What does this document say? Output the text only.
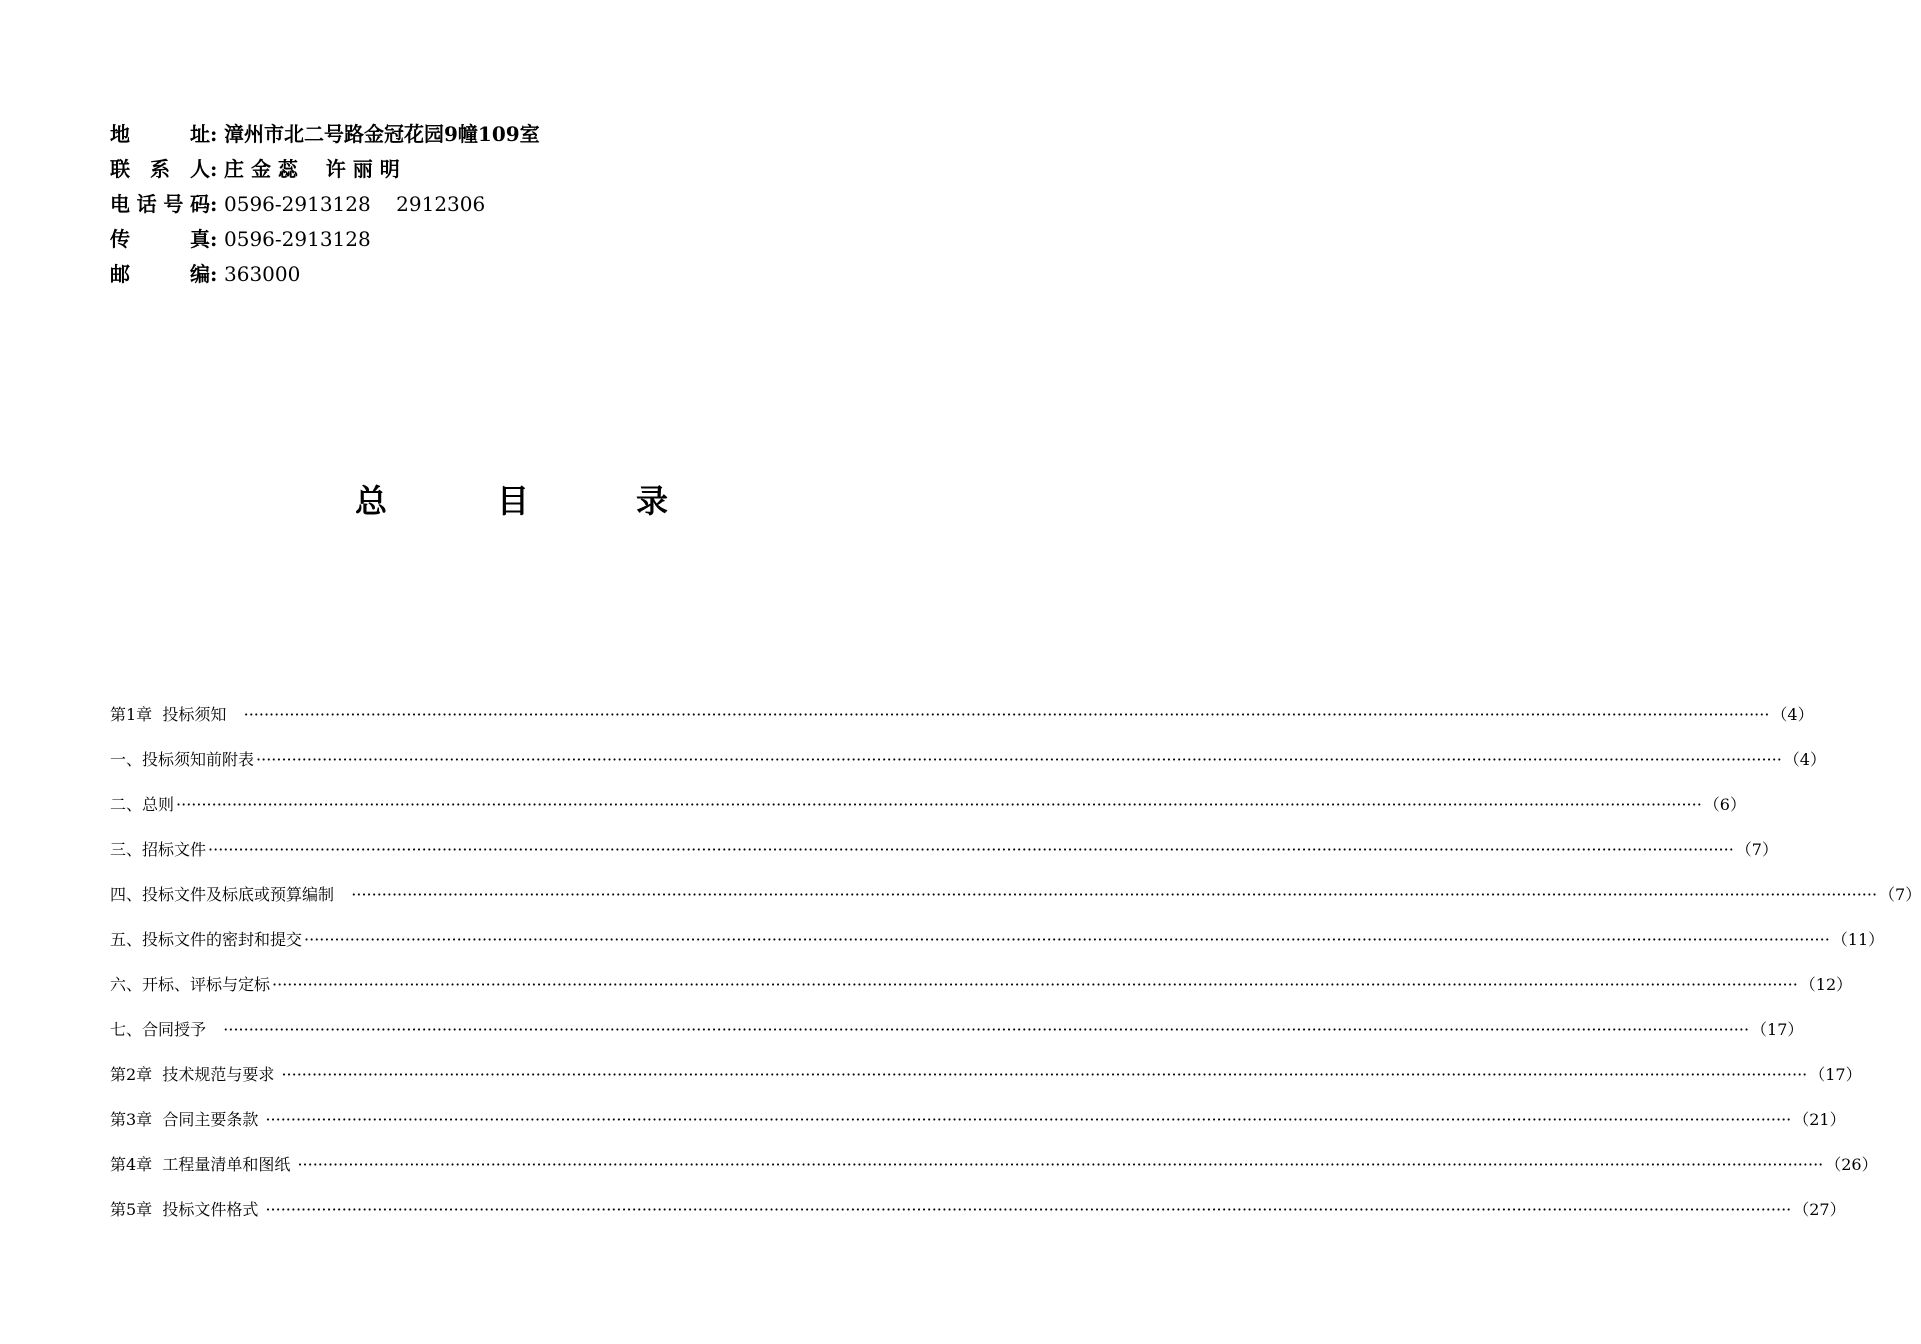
地 址 : 漳州市北二号路金冠花园9幢109室
联系人 : 庄 金 蕊    许 丽 明
电话号码 : 0596-2913128    2912306
传 真 : 0596-2913128
邮 编 : 363000
总	目	录
第1章  投标须知 ············································································································································································································································································································ （4）
一、投标须知前附表 ············································································································································································································································································································ （4）
二、总则 ············································································································································································································································································································ （6）
三、招标文件 ············································································································································································································································································································ （7）
四、投标文件及标底或预算编制 ············································································································································································································································································································ （7）
五、投标文件的密封和提交 ············································································································································································································································································································ （11）
六、开标、评标与定标 ············································································································································································································································································································ （12）
七、合同授予 ············································································································································································································································································································ （17）
第2章  技术规范与要求 ············································································································································································································································································································ （17）
第3章  合同主要条款 ············································································································································································································································································································ （21）
第4章  工程量清单和图纸 ············································································································································································································································································································ （26）
第5章  投标文件格式 ············································································································································································································································································································ （27）
